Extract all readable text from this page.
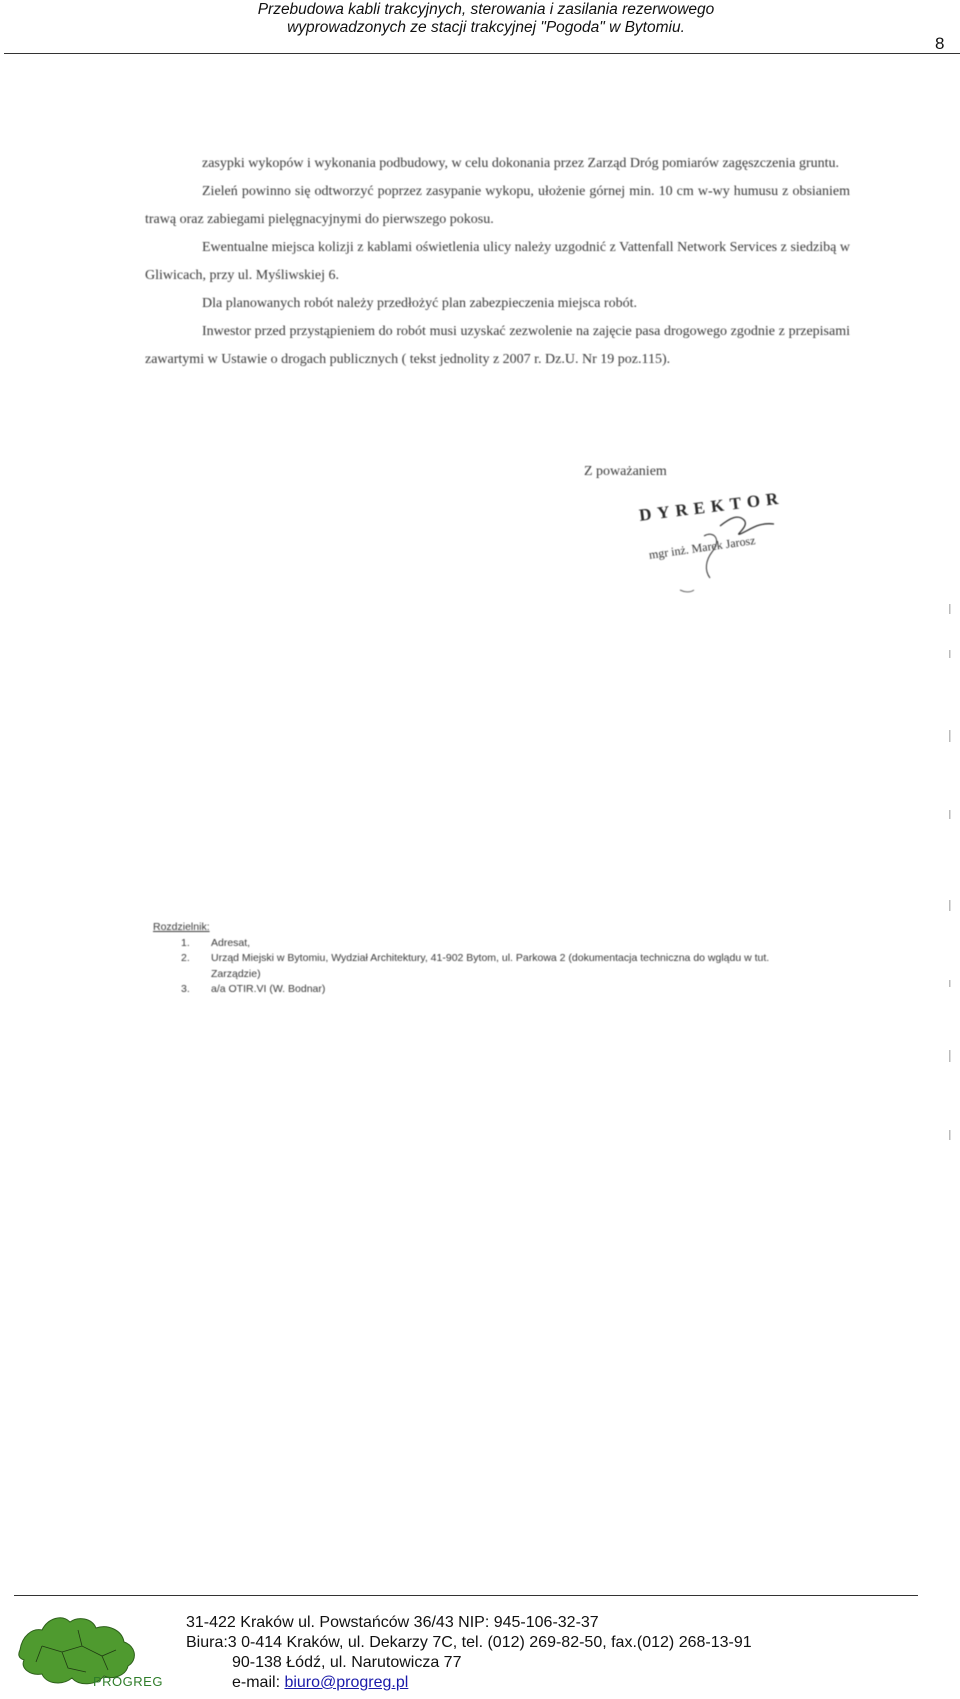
Przebudowa kabli trakcyjnych, sterowania i zasilania rezerwowego
wyprowadzonych ze stacji trakcyjnej "Pogoda" w Bytomiu.
8

zasypki wykopów i wykonania podbudowy, w celu dokonania przez Zarząd Dróg pomiarów zagęszczenia gruntu.

Zieleń powinno się odtworzyć poprzez zasypanie wykopu, ułożenie górnej min. 10 cm w-wy humusu z obsianiem trawą oraz zabiegami pielęgnacyjnymi do pierwszego pokosu.

Ewentualne miejsca kolizji z kablami oświetlenia ulicy należy uzgodnić z Vattenfall Network Services z siedzibą w Gliwicach, przy ul. Myśliwskiej 6.

Dla planowanych robót należy przedłożyć plan zabezpieczenia miejsca robót.

Inwestor przed przystąpieniem do robót musi uzyskać zezwolenie na zajęcie pasa drogowego zgodnie z przepisami zawartymi w Ustawie o drogach publicznych ( tekst jednolity z 2007 r. Dz.U. Nr 19 poz.115).

Z poważaniem
DYREKTOR
mgr inż. Marek Jarosz
Rozdzielnik:
1. Adresat,
2. Urząd Miejski w Bytomiu, Wydział Architektury, 41-902 Bytom, ul. Parkowa 2 (dokumentacja techniczna do wglądu w tut. Zarządzie)
3. a/a OTIR.VI (W. Bodnar)
PROGREG
31-422 Kraków ul. Powstańców 36/43 NIP: 945-106-32-37
Biura:3 0-414 Kraków, ul. Dekarzy 7C, tel. (012) 269-82-50, fax.(012) 268-13-91
90-138 Łódź, ul. Narutowicza 77
e-mail: biuro@progreg.pl
